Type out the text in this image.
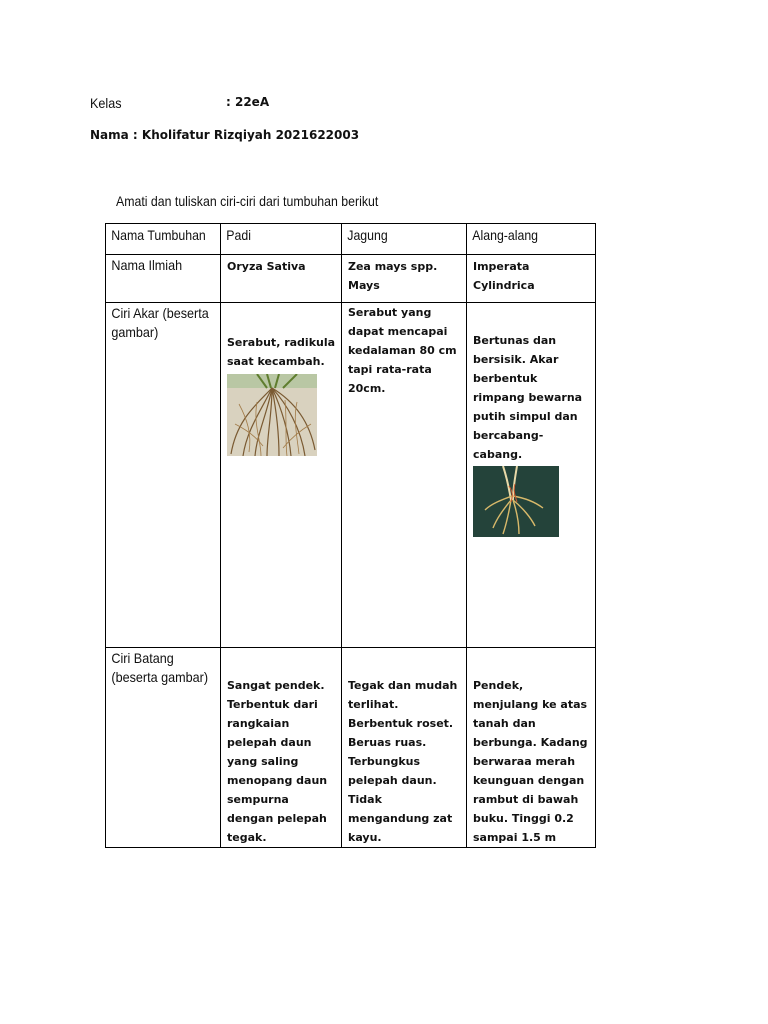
Kelas	: 22eA
Nama : Kholifatur Rizqiyah 2021622003
Amati dan tuliskan ciri-ciri dari tumbuhan berikut
Nama Tumbuhan	Padi	Jagung	Alang-alang

Nama Ilmiah	Oryza Sativa	Zea mays spp. Mays	Imperata Cylindrica

Ciri Akar (beserta gambar)	Serabut, radikula saat kecambah.	Serabut yang dapat mencapai kedalaman 80 cm tapi rata-rata 20cm.	Bertunas dan bersisik. Akar berbentuk rimpang bewarna putih simpul dan bercabang-cabang.

Ciri Batang (beserta gambar)	Sangat pendek. Terbentuk dari rangkaian pelepah daun yang saling menopang daun sempurna dengan pelepah tegak.	Tegak dan mudah terlihat. Berbentuk roset. Beruas ruas. Terbungkus pelepah daun. Tidak mengandung zat kayu.	Pendek, menjulang ke atas tanah dan berbunga. Kadang berwaraa merah keunguan dengan rambut di bawah buku. Tinggi 0.2 sampai 1.5 m
